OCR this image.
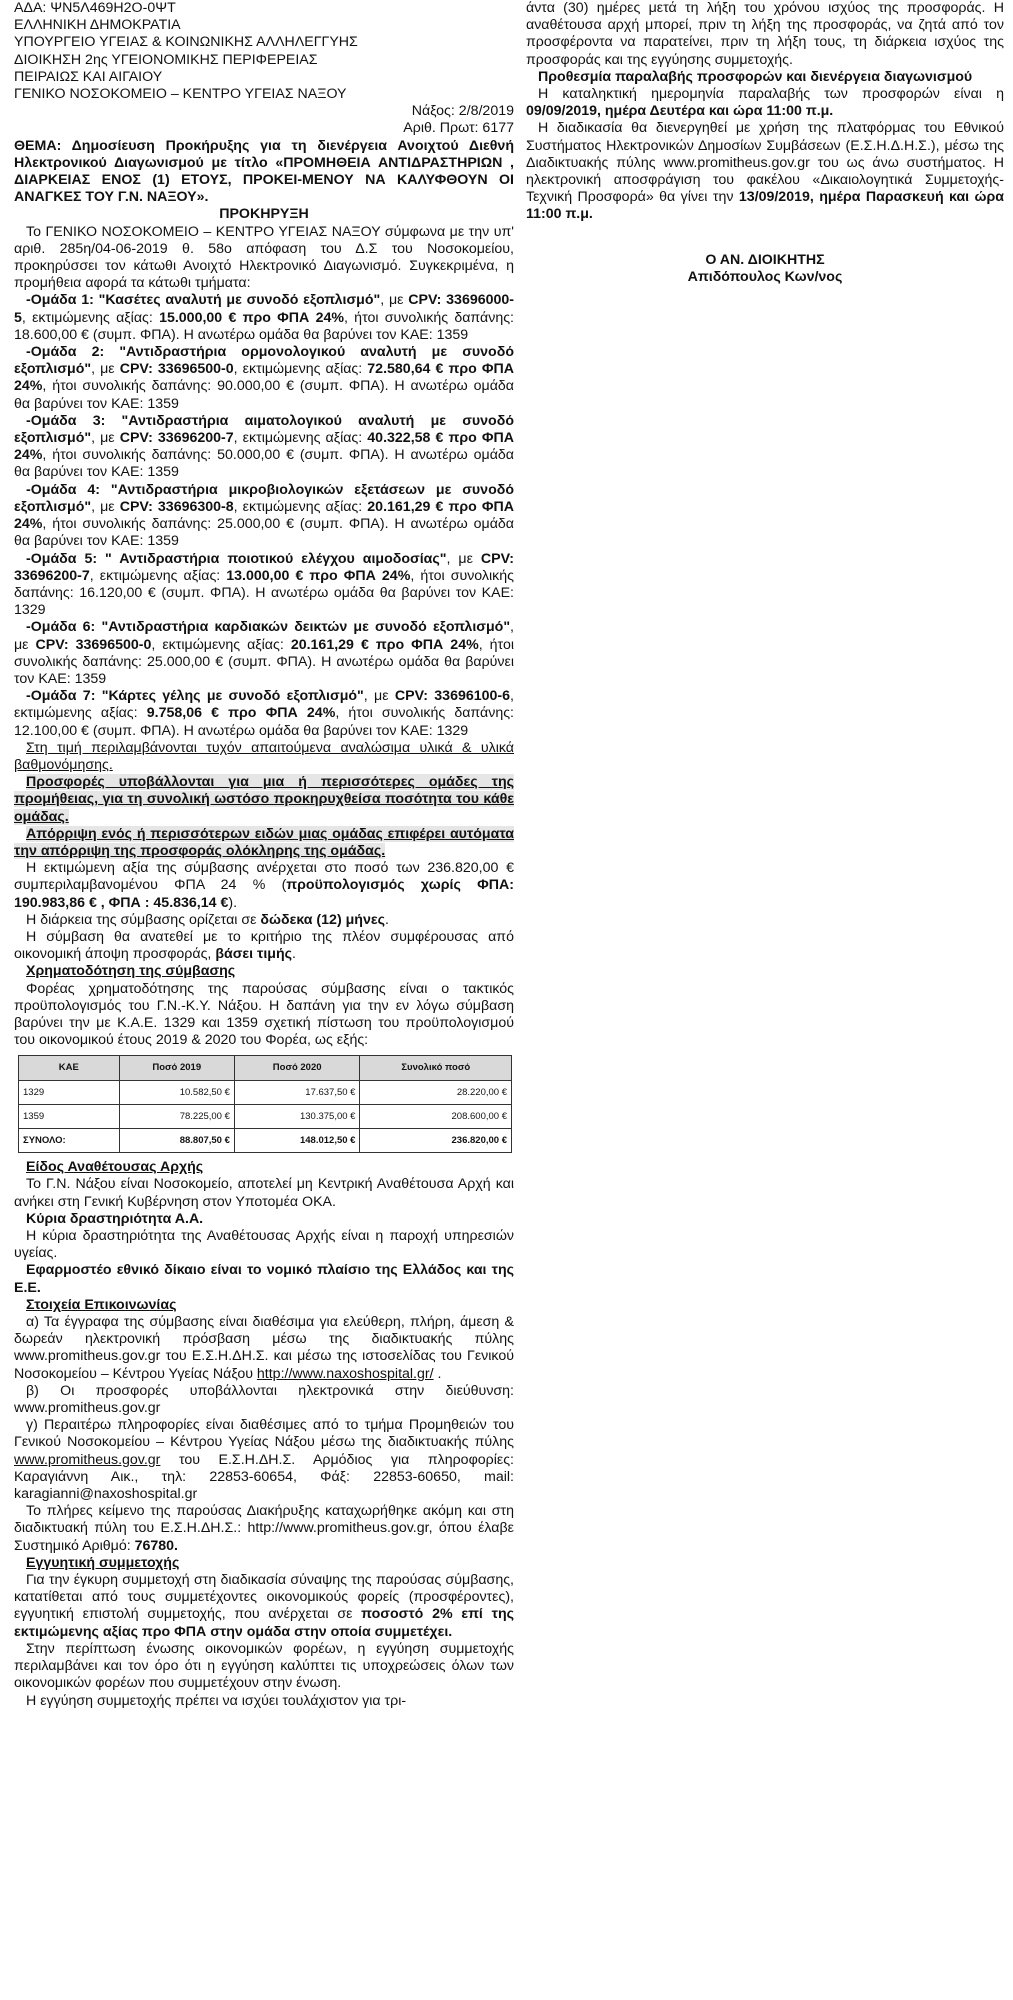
ΑΔΑ: ΨΝ5Λ469Η2Ο-0ΨΤ

ΕΛΛΗΝΙΚΗ ΔΗΜΟΚΡΑΤΙΑ

ΥΠΟΥΡΓΕΙΟ ΥΓΕΙΑΣ & ΚΟΙΝΩΝΙΚΗΣ ΑΛΛΗΛΕΓΓΥΗΣ

ΔΙΟΙΚΗΣΗ 2ης ΥΓΕΙΟΝΟΜΙΚΗΣ ΠΕΡΙΦΕΡΕΙΑΣ

ΠΕΙΡΑΙΩΣ ΚΑΙ ΑΙΓΑΙΟΥ

ΓΕΝΙΚΟ ΝΟΣΟΚΟΜΕΙΟ – ΚΕΝΤΡΟ ΥΓΕΙΑΣ ΝΑΞΟΥ

Νάξος: 2/8/2019

Αριθ. Πρωτ: 6177

ΘΕΜΑ: Δημοσίευση Προκήρυξης για τη διενέργεια Ανοιχτού Διεθνή Ηλεκτρονικού Διαγωνισμού με τίτλο «ΠΡΟΜΗΘΕΙΑ ΑΝΤΙΔΡΑΣΤΗΡΙΩΝ , ΔΙΑΡΚΕΙΑΣ ΕΝΟΣ (1) ΕΤΟΥΣ, ΠΡΟΚΕΙ-ΜΕΝΟΥ ΝΑ ΚΑΛΥΦΘΟΥΝ ΟΙ ΑΝΑΓΚΕΣ ΤΟΥ Γ.Ν. ΝΑΞΟΥ».

ΠΡΟΚΗΡΥΞΗ

Το ΓΕΝΙΚΟ ΝΟΣΟΚΟΜΕΙΟ – ΚΕΝΤΡΟ ΥΓΕΙΑΣ ΝΑΞΟΥ σύμφωνα με την υπ' αριθ. 285η/04-06-2019 θ. 58ο απόφαση του Δ.Σ του Νοσοκομείου, προκηρύσσει τον κάτωθι Ανοιχτό Ηλεκτρονικό Διαγωνισμό. Συγκεκριμένα, η προμήθεια αφορά τα κάτωθι τμήματα:

-Ομάδα 1: "Κασέτες αναλυτή με συνοδό εξοπλισμό", με CPV: 33696000-5, εκτιμώμενης αξίας: 15.000,00 € προ ΦΠΑ 24%, ήτοι συνολικής δαπάνης: 18.600,00 € (συμπ. ΦΠΑ). Η ανωτέρω ομάδα θα βαρύνει τον ΚΑΕ: 1359

-Ομάδα 2: "Αντιδραστήρια ορμονολογικού αναλυτή με συνοδό εξοπλισμό", με CPV: 33696500-0, εκτιμώμενης αξίας: 72.580,64 € προ ΦΠΑ 24%, ήτοι συνολικής δαπάνης: 90.000,00 € (συμπ. ΦΠΑ). Η ανωτέρω ομάδα θα βαρύνει τον ΚΑΕ: 1359

-Ομάδα 3: "Αντιδραστήρια αιματολογικού αναλυτή με συνοδό εξοπλισμό", με CPV: 33696200-7, εκτιμώμενης αξίας: 40.322,58 € προ ΦΠΑ 24%, ήτοι συνολικής δαπάνης: 50.000,00 € (συμπ. ΦΠΑ). Η ανωτέρω ομάδα θα βαρύνει τον ΚΑΕ: 1359

-Ομάδα 4: "Αντιδραστήρια μικροβιολογικών εξετάσεων με συνοδό εξοπλισμό", με CPV: 33696300-8, εκτιμώμενης αξίας: 20.161,29 € προ ΦΠΑ 24%, ήτοι συνολικής δαπάνης: 25.000,00 € (συμπ. ΦΠΑ). Η ανωτέρω ομάδα θα βαρύνει τον ΚΑΕ: 1359

-Ομάδα 5: " Αντιδραστήρια ποιοτικού ελέγχου αιμοδοσίας", με CPV: 33696200-7, εκτιμώμενης αξίας: 13.000,00 € προ ΦΠΑ 24%, ήτοι συνολικής δαπάνης: 16.120,00 € (συμπ. ΦΠΑ). Η ανωτέρω ομάδα θα βαρύνει τον ΚΑΕ: 1329

-Ομάδα 6: "Αντιδραστήρια καρδιακών δεικτών με συνοδό εξοπλισμό", με CPV: 33696500-0, εκτιμώμενης αξίας: 20.161,29 € προ ΦΠΑ 24%, ήτοι συνολικής δαπάνης: 25.000,00 € (συμπ. ΦΠΑ). Η ανωτέρω ομάδα θα βαρύνει τον ΚΑΕ: 1359

-Ομάδα 7: "Κάρτες γέλης με συνοδό εξοπλισμό", με CPV: 33696100-6, εκτιμώμενης αξίας: 9.758,06 € προ ΦΠΑ 24%, ήτοι συνολικής δαπάνης: 12.100,00 € (συμπ. ΦΠΑ). Η ανωτέρω ομάδα θα βαρύνει τον ΚΑΕ: 1329

Στη τιμή περιλαμβάνονται τυχόν απαιτούμενα αναλώσιμα υλικά & υλικά βαθμονόμησης.

Προσφορές υποβάλλονται για μια ή περισσότερες ομάδες της προμήθειας, για τη συνολική ωστόσο προκηρυχθείσα ποσότητα του κάθε ομάδας.

Απόρριψη ενός ή περισσότερων ειδών μιας ομάδας επιφέρει αυτόματα την απόρριψη της προσφοράς ολόκληρης της ομάδας.

Η εκτιμώμενη αξία της σύμβασης ανέρχεται στο ποσό των 236.820,00 € συμπεριλαμβανομένου ΦΠΑ 24 % (προϋπολογισμός χωρίς ΦΠΑ: 190.983,86 € , ΦΠΑ : 45.836,14 €).

Η διάρκεια της σύμβασης ορίζεται σε δώδεκα (12) μήνες.

Η σύμβαση θα ανατεθεί με το κριτήριο της πλέον συμφέρουσας από οικονομική άποψη προσφοράς, βάσει τιμής.

Χρηματοδότηση της σύμβασης

Φορέας χρηματοδότησης της παρούσας σύμβασης είναι ο τακτικός προϋπολογισμός του Γ.Ν.-Κ.Υ. Νάξου. Η δαπάνη για την εν λόγω σύμβαση βαρύνει την με Κ.Α.Ε. 1329 και 1359 σχετική πίστωση του προϋπολογισμού του οικονομικού έτους 2019 & 2020 του Φορέα, ως εξής:

ΚΑΕ	Ποσό 2019	Ποσό 2020	Συνολικό ποσό
1329	10.582,50 €	17.637,50 €	28.220,00 €
1359	78.225,00 €	130.375,00 €	208.600,00 €
ΣΥΝΟΛΟ:	88.807,50 €	148.012,50 €	236.820,00 €

Είδος Αναθέτουσας Αρχής

Το Γ.Ν. Νάξου είναι Νοσοκομείο, αποτελεί μη Κεντρική Αναθέτουσα Αρχή και ανήκει στη Γενική Κυβέρνηση στον Υποτομέα ΟΚΑ.

Κύρια δραστηριότητα Α.Α.

Η κύρια δραστηριότητα της Αναθέτουσας Αρχής είναι η παροχή υπηρεσιών υγείας.

Εφαρμοστέο εθνικό δίκαιο είναι το νομικό πλαίσιο της Ελλάδος και της Ε.Ε.

Στοιχεία Επικοινωνίας

α) Τα έγγραφα της σύμβασης είναι διαθέσιμα για ελεύθερη, πλήρη, άμεση & δωρεάν ηλεκτρονική πρόσβαση μέσω της διαδικτυακής πύλης www.promitheus.gov.gr του Ε.Σ.Η.ΔΗ.Σ. και μέσω της ιστοσελίδας του Γενικού Νοσοκομείου – Κέντρου Υγείας Νάξου http://www.naxoshospital.gr/ .

β) Οι προσφορές υποβάλλονται ηλεκτρονικά στην διεύθυνση: www.promitheus.gov.gr

γ) Περαιτέρω πληροφορίες είναι διαθέσιμες από το τμήμα Προμηθειών του Γενικού Νοσοκομείου – Κέντρου Υγείας Νάξου μέσω της διαδικτυακής πύλης www.promitheus.gov.gr του Ε.Σ.Η.ΔΗ.Σ. Αρμόδιος για πληροφορίες: Καραγιάννη Αικ., τηλ: 22853-60654, Φάξ: 22853-60650, mail: karagianni@naxoshospital.gr

Το πλήρες κείμενο της παρούσας Διακήρυξης καταχωρήθηκε ακόμη και στη διαδικτυακή πύλη του Ε.Σ.Η.ΔΗ.Σ.: http://www.promitheus.gov.gr, όπου έλαβε Συστημικό Αριθμό: 76780.

Εγγυητική συμμετοχής

Για την έγκυρη συμμετοχή στη διαδικασία σύναψης της παρούσας σύμβασης, κατατίθεται από τους συμμετέχοντες οικονομικούς φορείς (προσφέροντες), εγγυητική επιστολή συμμετοχής, που ανέρχεται σε ποσοστό 2% επί της εκτιμώμενης αξίας προ ΦΠΑ στην ομάδα στην οποία συμμετέχει.

Στην περίπτωση ένωσης οικονομικών φορέων, η εγγύηση συμμετοχής περιλαμβάνει και τον όρο ότι η εγγύηση καλύπτει τις υποχρεώσεις όλων των οικονομικών φορέων που συμμετέχουν στην ένωση.

Η εγγύηση συμμετοχής πρέπει να ισχύει τουλάχιστον για τρι-

άντα (30) ημέρες μετά τη λήξη του χρόνου ισχύος της προσφοράς. Η αναθέτουσα αρχή μπορεί, πριν τη λήξη της προσφοράς, να ζητά από τον προσφέροντα να παρατείνει, πριν τη λήξη τους, τη διάρκεια ισχύος της προσφοράς και της εγγύησης συμμετοχής.

Προθεσμία παραλαβής προσφορών και διενέργεια διαγωνισμού

Η καταληκτική ημερομηνία παραλαβής των προσφορών είναι η 09/09/2019, ημέρα Δευτέρα και ώρα 11:00 π.μ.

Η διαδικασία θα διενεργηθεί με χρήση της πλατφόρμας του Εθνικού Συστήματος Ηλεκτρονικών Δημοσίων Συμβάσεων (Ε.Σ.Η.Δ.Η.Σ.), μέσω της Διαδικτυακής πύλης www.promitheus.gov.gr του ως άνω συστήματος. Η ηλεκτρονική αποσφράγιση του φακέλου «Δικαιολογητικά Συμμετοχής-Τεχνική Προσφορά» θα γίνει την 13/09/2019, ημέρα Παρασκευή και ώρα 11:00 π.μ.

Ο ΑΝ. ΔΙΟΙΚΗΤΗΣ

Απιδόπουλος Κων/νος
